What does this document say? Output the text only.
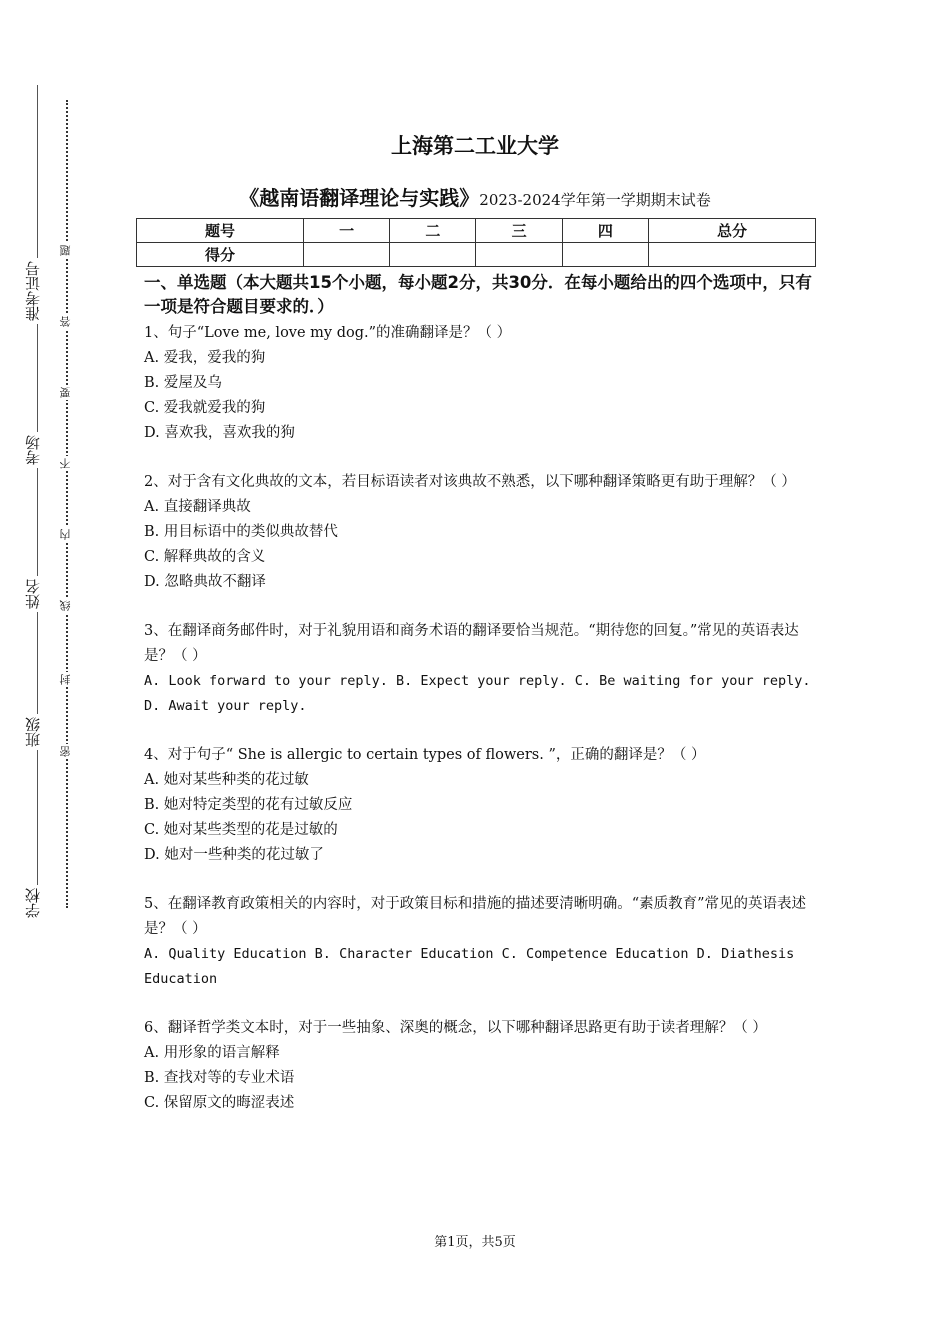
准考证号
考场
姓名
班级
学校
题
答
要
不
内
线
封
密
上海第二工业大学
《越南语翻译理论与实践》2023-2024学年第一学期期末试卷
题号	一	二	三	四	总分
得分					
一、单选题（本大题共15个小题，每小题2分，共30分．在每小题给出的四个选项中，只有一项是符合题目要求的．）
1、句子“Love me, love my dog.”的准确翻译是？（ ）
A. 爱我，爱我的狗
B. 爱屋及乌
C. 爱我就爱我的狗
D. 喜欢我，喜欢我的狗
2、对于含有文化典故的文本，若目标语读者对该典故不熟悉，以下哪种翻译策略更有助于理解？（ ）
A. 直接翻译典故
B. 用目标语中的类似典故替代
C. 解释典故的含义
D. 忽略典故不翻译
3、在翻译商务邮件时，对于礼貌用语和商务术语的翻译要恰当规范。“期待您的回复。”常见的英语表达是？（ ）
A. Look forward to your reply. B. Expect your reply. C. Be waiting for your reply. D. Await your reply.
4、对于句子“ She is allergic to certain types of flowers. ”，正确的翻译是？（ ）
A. 她对某些种类的花过敏
B. 她对特定类型的花有过敏反应
C. 她对某些类型的花是过敏的
D. 她对一些种类的花过敏了
5、在翻译教育政策相关的内容时，对于政策目标和措施的描述要清晰明确。“素质教育”常见的英语表述是？（ ）
A. Quality Education B. Character Education C. Competence Education D. Diathesis Education
6、翻译哲学类文本时，对于一些抽象、深奥的概念，以下哪种翻译思路更有助于读者理解？（ ）
A. 用形象的语言解释
B. 查找对等的专业术语
C. 保留原文的晦涩表述
第1页，共5页
